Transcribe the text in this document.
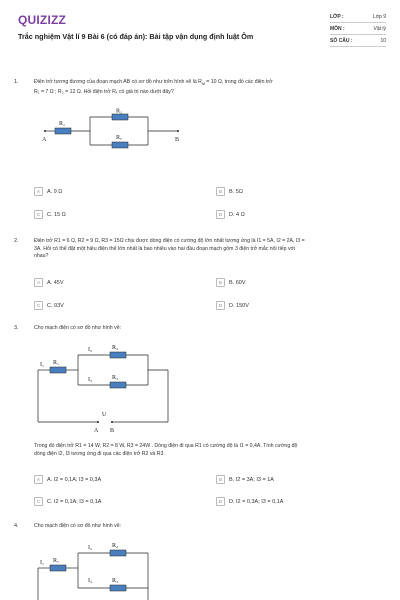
QUIZIZZ
Trắc nghiệm Vật lí 9 Bài 6 (có đáp án): Bài tập vận dụng định luật Ôm
LỚP :	Lớp 9
MÔN :	Vật lý
SỐ CÂU :	10
1.	Điện trở tương đương của đoạn mạch AB có sơ đồ như trên hình vẽ là $R_{tđ} = 10$ Ω, trong đó các điện trở
R₁ = 7 Ω ; R₂ = 12 Ω. Hỏi điện trở Rₓ có giá trị nào dưới đây?
R₁
R₂
Rₓ
A	B
A	A. 9 Ω	B	B. 5Ω
C	C. 15 Ω	D	D. 4 Ω
2.	Điện trở R1 = 6 Ω, R2 = 9 Ω, R3 = 15Ω chịu được dòng điện có cường độ lớn nhất tương ứng là I1 = 5A, I2 = 2A, I3 =
3A. Hỏi có thể đặt một hiệu điện thế lớn nhất là bao nhiêu vào hai đầu đoạn mạch gồm 3 điện trở mắc nối tiếp với
nhau?
A	A. 45V	B	B. 60V
C	C. 93V	D	D. 150V
3.	Cho mạch điện có sơ đồ như hình vẽ:
R₁
R₂
R₃
I₁
I₂
I₃
U
A B
Trong đó điện trở R1 = 14 W, R2 = 8 W, R3 = 24W . Dòng điện đi qua R1 có cường độ là I1 = 0,4A. Tính cường độ
dòng điện I2, I3 tương ứng đi qua các điện trở R2 và R3.
A	A. I2 = 0,1A; I3 = 0,3A	B	B. I2 = 3A; I3 = 1A
C	C. I2 = 0,1A; I3 = 0,1A	D	D. I2 = 0,3A; I3 = 0,1A
4.	Cho mạch điện có sơ đồ như hình vẽ:
R₁
R₂
R₃
I₁
I₂
I₃
